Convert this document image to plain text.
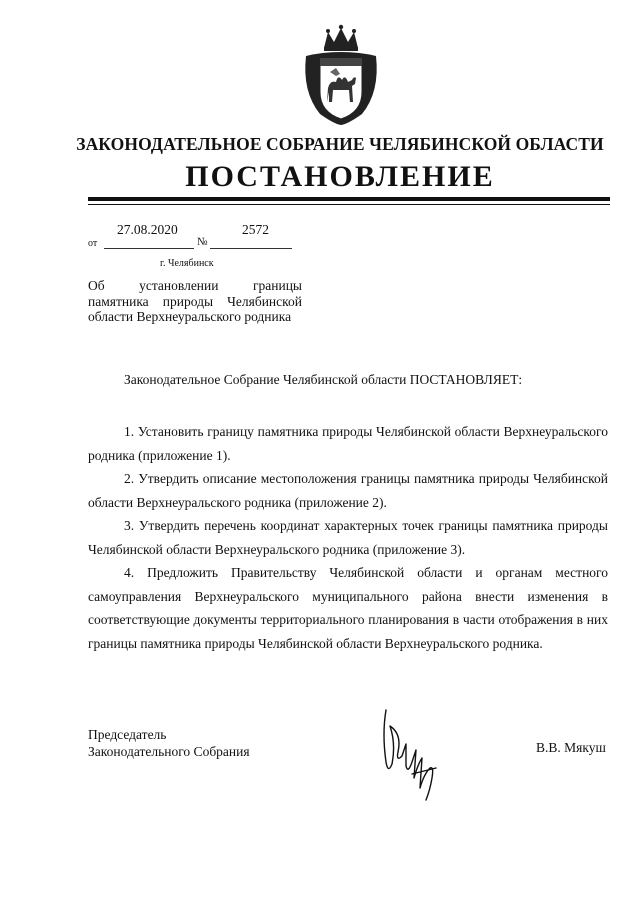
ЗАКОНОДАТЕЛЬНОЕ СОБРАНИЕ ЧЕЛЯБИНСКОЙ ОБЛАСТИ
ПОСТАНОВЛЕНИЕ
27.08.2020	2572
от	№
г. Челябинск
Об установлении границы памятника природы Челябинской области Верхнеуральского родника
Законодательное Собрание Челябинской области ПОСТАНОВЛЯЕТ:

1. Установить границу памятника природы Челябинской области Верхнеуральского родника (приложение 1).

2. Утвердить описание местоположения границы памятника природы Челябинской области Верхнеуральского родника (приложение 2).

3. Утвердить перечень координат характерных точек границы памятника природы Челябинской области Верхнеуральского родника (приложение 3).

4. Предложить Правительству Челябинской области и органам местного самоуправления Верхнеуральского муниципального района внести изменения в соответствующие документы территориального планирования в части отображения в них границы памятника природы Челябинской области Верхнеуральского родника.

Председатель
Законодательного Собрания	В.В. Мякуш
